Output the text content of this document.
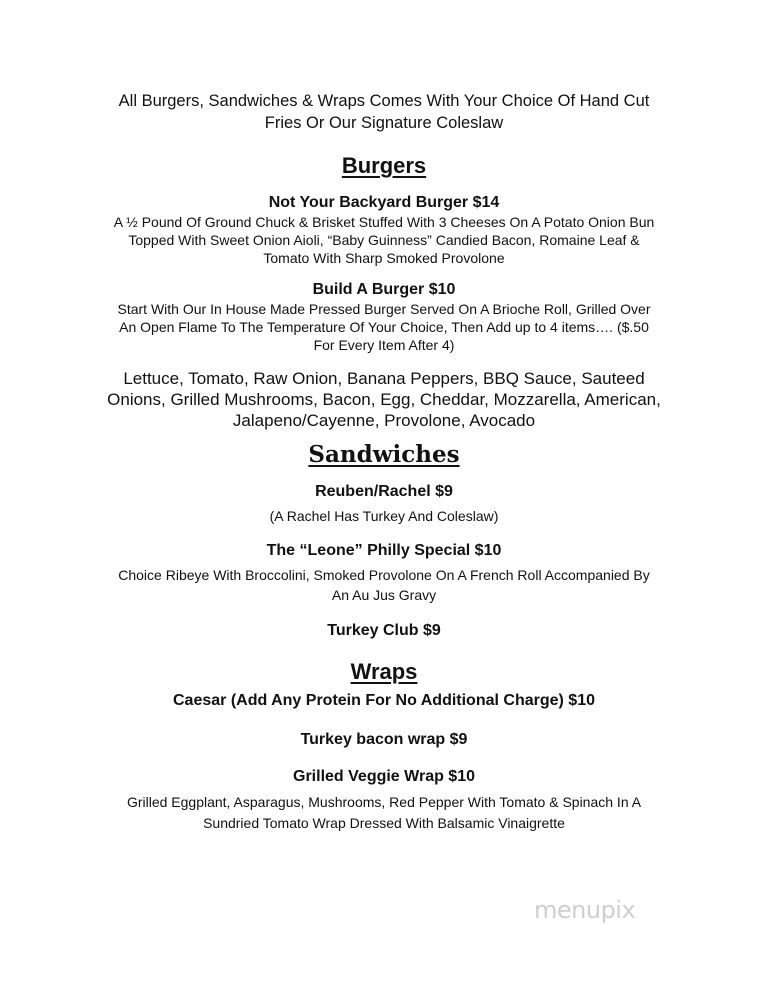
All Burgers, Sandwiches & Wraps Comes With Your Choice Of Hand Cut
Fries Or Our Signature Coleslaw
Burgers
Not Your Backyard Burger $14
A ½ Pound Of Ground Chuck & Brisket Stuffed With 3 Cheeses On A Potato Onion Bun
Topped With Sweet Onion Aioli, “Baby Guinness” Candied Bacon, Romaine Leaf &
Tomato With Sharp Smoked Provolone
Build A Burger $10
Start With Our In House Made Pressed Burger Served On A Brioche Roll, Grilled Over
An Open Flame To The Temperature Of Your Choice, Then Add up to 4 items…. ($.50
For Every Item After 4)
Lettuce, Tomato, Raw Onion, Banana Peppers, BBQ Sauce, Sauteed
Onions, Grilled Mushrooms, Bacon, Egg, Cheddar, Mozzarella, American,
Jalapeno/Cayenne, Provolone, Avocado
Sandwiches
Reuben/Rachel $9
(A Rachel Has Turkey And Coleslaw)
The “Leone” Philly Special $10
Choice Ribeye With Broccolini, Smoked Provolone On A French Roll Accompanied By
An Au Jus Gravy
Turkey Club $9
Wraps
Caesar (Add Any Protein For No Additional Charge) $10
Turkey bacon wrap $9
Grilled Veggie Wrap $10
Grilled Eggplant, Asparagus, Mushrooms, Red Pepper With Tomato & Spinach In A
Sundried Tomato Wrap Dressed With Balsamic Vinaigrette
menupix
